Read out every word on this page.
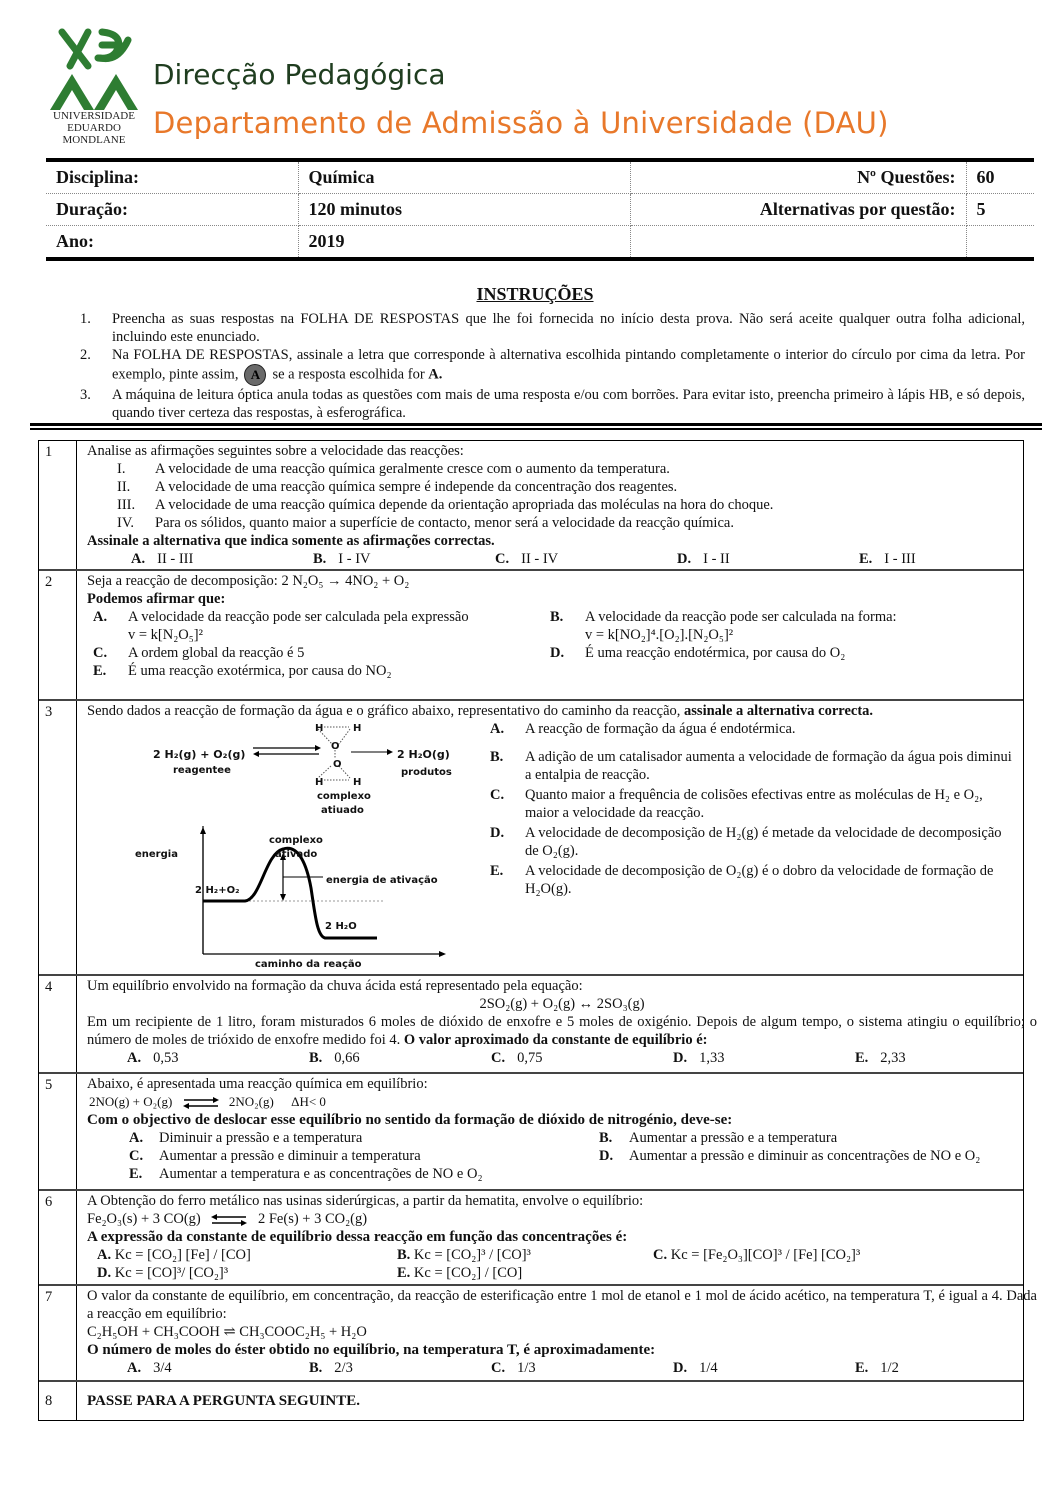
UNIVERSIDADE
EDUARDO
MONDLANE
Direcção Pedagógica
Departamento de Admissão à Universidade (DAU)
Disciplina:	Química	Nº Questões:	60
Duração:	120 minutos	Alternativas por questão:	5
Ano:	2019		
INSTRUÇÕES
1.	Preencha as suas respostas na FOLHA DE RESPOSTAS que lhe foi fornecida no início desta prova. Não será aceite qualquer outra folha adicional, incluindo este enunciado.
2.	Na FOLHA DE RESPOSTAS, assinale a letra que corresponde à alternativa escolhida pintando completamente o interior do círculo por cima da letra. Por exemplo, pinte assim, A se a resposta escolhida for A.
3.	A máquina de leitura óptica anula todas as questões com mais de uma resposta e/ou com borrões. Para evitar isto, preencha primeiro à lápis HB, e só depois, quando tiver certeza das respostas, à esferográfica.
1	Analise as afirmações seguintes sobre a velocidade das reacções:
I.	A velocidade de uma reacção química geralmente cresce com o aumento da temperatura.
II.	A velocidade de uma reacção química sempre é independe da concentração dos reagentes.
III.	A velocidade de uma reacção química depende da orientação apropriada das moléculas na hora do choque.
IV.	Para os sólidos, quanto maior a superfície de contacto, menor será a velocidade da reacção química.
Assinale a alternativa que indica somente as afirmações correctas.
A. II - III	B. I - IV	C. II - IV	D. I - II	E. I - III
2	Seja a reacção de decomposição: 2 N₂O₅ → 4NO₂ + O₂
Podemos afirmar que:
A.	A velocidade da reacção pode ser calculada pela expressão
v = k[N₂O₅]²
B.	A velocidade da reacção pode ser calculada na forma:
v = k[NO₂]⁴.[O₂].[N₂O₅]²
C.	A ordem global da reacção é 5	D.	É uma reacção endotérmica, por causa do O₂
E.	É uma reacção exotérmica, por causa do NO₂
3	Sendo dados a reacção de formação da água e o gráfico abaixo, representativo do caminho da reacção, assinale a alternativa correcta.
2 H₂(g) + O₂(g)
reagentee
H	H
O
O
H	H
complexo
atiuado
2 H₂O(g)
produtos
energia
complexo
ativado
energia de ativação
2 H₂+O₂
2 H₂O
caminho da reação
A.	A reacção de formação da água é endotérmica.
B.	A adição de um catalisador aumenta a velocidade de formação da água pois diminui a entalpia de reacção.
C.	Quanto maior a frequência de colisões efectivas entre as moléculas de H₂ e O₂, maior a velocidade da reacção.
D.	A velocidade de decomposição de H₂(g) é metade da velocidade de decomposição de O₂(g).
E.	A velocidade de decomposição de O₂(g) é o dobro da velocidade de formação de H₂O(g).
4	Um equilíbrio envolvido na formação da chuva ácida está representado pela equação:
2SO₂(g) + O₂(g) ↔ 2SO₃(g)
Em um recipiente de 1 litro, foram misturados 6 moles de dióxido de enxofre e 5 moles de oxigénio. Depois de algum tempo, o sistema atingiu o equilíbrio; o número de moles de trióxido de enxofre medido foi 4. O valor aproximado da constante de equilíbrio é:
A. 0,53	B. 0,66	C. 0,75	D. 1,33	E. 2,33
5	Abaixo, é apresentada uma reacção química em equilíbrio:
2NO(g) + O₂(g) ⇌ 2NO₂(g) ΔH< 0
Com o objectivo de deslocar esse equilíbrio no sentido da formação de dióxido de nitrogénio, deve-se:
A.	Diminuir a pressão e a temperatura	B.	Aumentar a pressão e a temperatura
C.	Aumentar a pressão e diminuir a temperatura	D.	Aumentar a pressão e diminuir as concentrações de NO e O₂
E.	Aumentar a temperatura e as concentrações de NO e O₂
6	A Obtenção do ferro metálico nas usinas siderúrgicas, a partir da hematita, envolve o equilíbrio:
Fe₂O₃(s) + 3 CO(g) ⇌ 2 Fe(s) + 3 CO₂(g)
A expressão da constante de equilíbrio dessa reacção em função das concentrações é:
A. Kc = [CO₂] [Fe] / [CO]	B. Kc = [CO₂]³ / [CO]³	C. Kc = [Fe₂O₃][CO]³ / [Fe] [CO₂]³
D. Kc = [CO]³/ [CO₂]³	E. Kc = [CO₂] / [CO]
7	O valor da constante de equilíbrio, em concentração, da reacção de esterificação entre 1 mol de etanol e 1 mol de ácido acético, na temperatura T, é igual a 4. Dada a reacção em equilíbrio:
C₂H₅OH + CH₃COOH ⇌ CH₃COOC₂H₅ + H₂O
O número de moles do éster obtido no equilíbrio, na temperatura T, é aproximadamente:
A. 3/4	B. 2/3	C. 1/3	D. 1/4	E. 1/2
8	PASSE PARA A PERGUNTA SEGUINTE.
